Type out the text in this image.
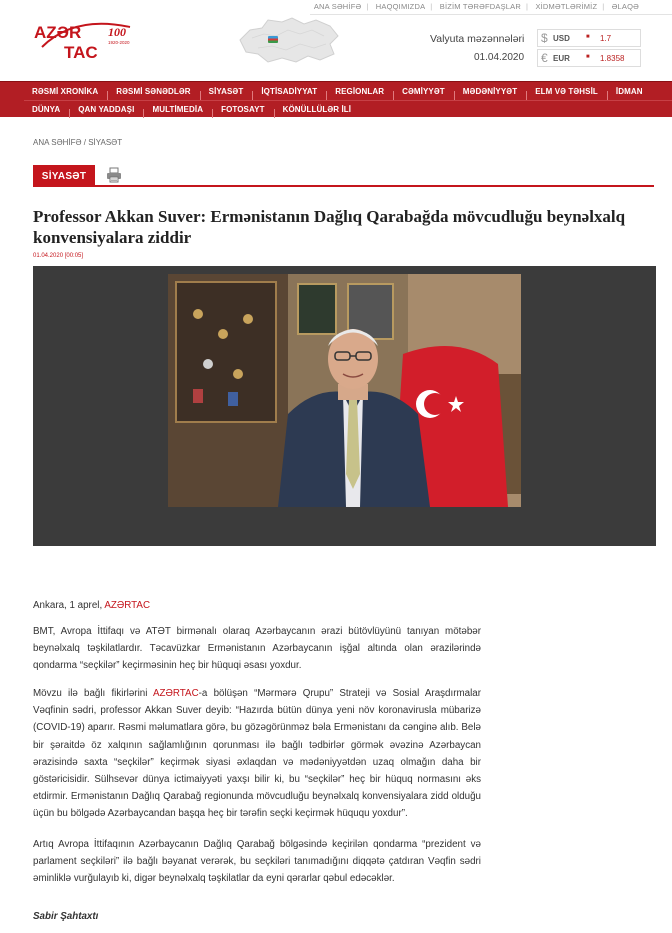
ANA SƏHİFƏ | HAQQIMIZDA | BİZİM TƏRƏFDAŞLAR | XİDMƏTLƏRİMİZ | ƏLAQƏ
AZƏR
TAC
100
1920-2020	Valyuta məzənnələri
01.04.2020
$ USD	■ 1.7
€ EUR	■ 1.8358
RƏSMİ XRONİKA	RƏSMİ SƏNƏDLƏR	SİYASƏT	İQTİSADİYYAT	REGİONLAR	CƏMİYYƏT	MƏDƏNİYYƏT	ELM VƏ TƏHSİL	İDMAN
DÜNYA	QAN YADDAŞI	MULTİMEDİA	FOTOSAYT	KÖNÜLLÜLƏR İLİ
ANA SƏHİFƏ / SİYASƏT
SİYASƏT
Professor Akkan Suver: Ermənistanın Dağlıq Qarabağda mövcudluğu beynəlxalq konvensiyalara ziddir
01.04.2020 [00:05]

Ankara, 1 aprel, AZƏRTAC

BMT, Avropa İttifaqı və ATƏT birmənalı olaraq Azərbaycanın ərazi bütövlüyünü tanıyan mötəbər beynəlxalq təşkilatlardır. Təcavüzkar Ermənistanın Azərbaycanın işğal altında olan ərazilərində qondarma “seçkilər” keçirməsinin heç bir hüquqi əsası yoxdur.

Mövzu ilə bağlı fikirlərini AZƏRTAC-a bölüşən “Mərmərə Qrupu” Strateji və Sosial Araşdırmalar Vəqfinin sədri, professor Akkan Suver deyib: “Hazırda bütün dünya yeni növ koronavirusla mübarizə (COVID-19) aparır. Rəsmi məlumatlara görə, bu gözəgörünməz bəla Ermənistanı da cənginə alıb. Belə bir şəraitdə öz xalqının sağlamlığının qorunması ilə bağlı tədbirlər görmək əvəzinə Azərbaycan ərazisində saxta “seçkilər” keçirmək siyasi əxlaqdan və mədəniyyətdən uzaq olmağın daha bir göstəricisidir. Sülhsevər dünya ictimaiyyəti yaxşı bilir ki, bu “seçkilər” heç bir hüquq normasını əks etdirmir. Ermənistanın Dağlıq Qarabağ regionunda mövcudluğu beynəlxalq konvensiyalara zidd olduğu üçün bu bölgədə Azərbaycandan başqa heç bir tərəfin seçki keçirmək hüququ yoxdur”.

Artıq Avropa İttifaqının Azərbaycanın Dağlıq Qarabağ bölgəsində keçirilən qondarma “prezident və parlament seçkiləri” ilə bağlı bəyanat verərək, bu seçkiləri tanımadığını diqqətə çatdıran Vəqfin sədri əminliklə vurğulayıb ki, digər beynəlxalq təşkilatlar da eyni qərarlar qəbul edəcəklər.

Sabir Şahtaxtı
